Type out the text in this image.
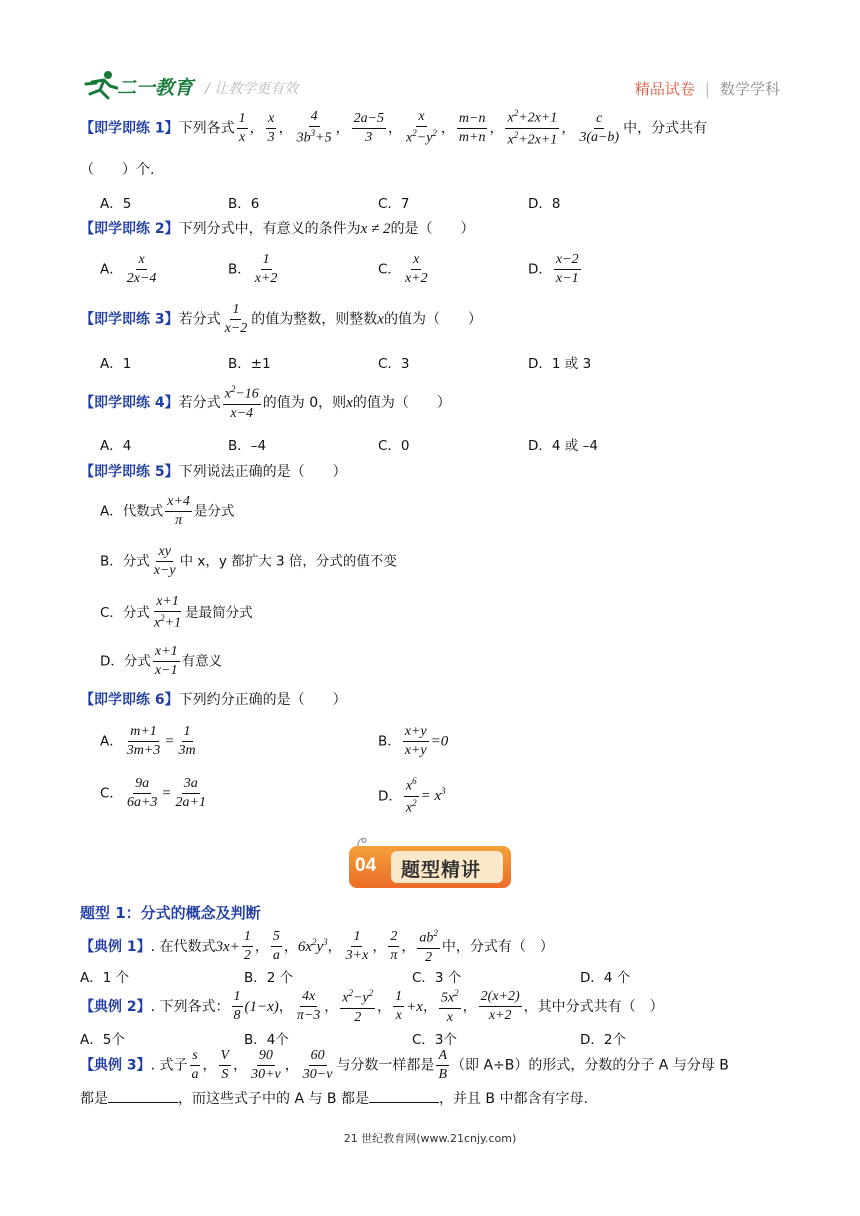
二一教育 / 让教学更有效	精品试卷 | 数学学科
【即学即练 1】下列各式 $\frac{1}{x}$ ， $\frac{x}{3}$ ， $\frac{4}{3b^3+5}$ ， $\frac{2a-5}{3}$ ， $\frac{x}{x^2-y^2}$ ， $\frac{m-n}{m+n}$ ， $\frac{x^2+2x+1}{x^2+2x+1}$ ， $\frac{c}{3(a-b)}$ 中，分式共有
（　　）个.
A．5	B．6	C．7	D．8
【即学即练 2】下列分式中，有意义的条件为x ≠ 2的是（　　）
A． $\frac{x}{2x-4}$	B． $\frac{1}{x+2}$	C． $\frac{x}{x+2}$	D． $\frac{x-2}{x-1}$
【即学即练 3】若分式 $\frac{1}{x-2}$ 的值为整数，则整数x的值为（　　）
A．1	B．±1	C．3	D．1 或 3
【即学即练 4】若分式 $\frac{x^2-16}{x-4}$ 的值为 0，则x的值为（　　）
A．4	B．–4	C．0	D．4 或 –4
【即学即练 5】下列说法正确的是（　　）
A．代数式 $\frac{x+4}{\pi}$ 是分式
B．分式 $\frac{xy}{x-y}$ 中 x，y 都扩大 3 倍，分式的值不变
C．分式 $\frac{x+1}{x^2+1}$ 是最简分式
D．分式 $\frac{x+1}{x-1}$ 有意义
【即学即练 6】下列约分正确的是（　　）
A． $\frac{m+1}{3m+3} = \frac{1}{3m}$	B． $\frac{x+y}{x+y} =0$
C． $\frac{9a}{6a+3} = \frac{3a}{2a+1}$	D． $\frac{x^6}{x^2} = x^3$
04 题型精讲
题型 1：分式的概念及判断
【典例 1】. 在代数式$3x+ \frac{1}{2}$ ， $\frac{5}{a}$ ，$6x^2y^3$， $\frac{1}{3+x}$ ， $\frac{2}{\pi}$ ， $\frac{ab^2}{2}$ 中，分式有（　）
A．1 个	B．2 个	C．3 个	D．4 个
【典例 2】. 下列各式： $\frac{1}{8} (1-x)$， $\frac{4x}{\pi-3}$ ， $\frac{x^2-y^2}{2}$ ， $\frac{1}{x} +x$， $\frac{5x^2}{x}$ ， $\frac{2(x+2)}{x+2}$ ，其中分式共有（　）
A．5个	B．4个	C．3个	D．2个
【典例 3】. 式子 $\frac{s}{a}$ ， $\frac{V}{S}$ ， $\frac{90}{30+v}$ ， $\frac{60}{30-v}$ 与分数一样都是 $\frac{A}{B}$ （即 A÷B）的形式，分数的分子 A 与分母 B
都是	，而这些式子中的 A 与 B 都是	，并且 B 中都含有字母.
21 世纪教育网(www.21cnjy.com)
